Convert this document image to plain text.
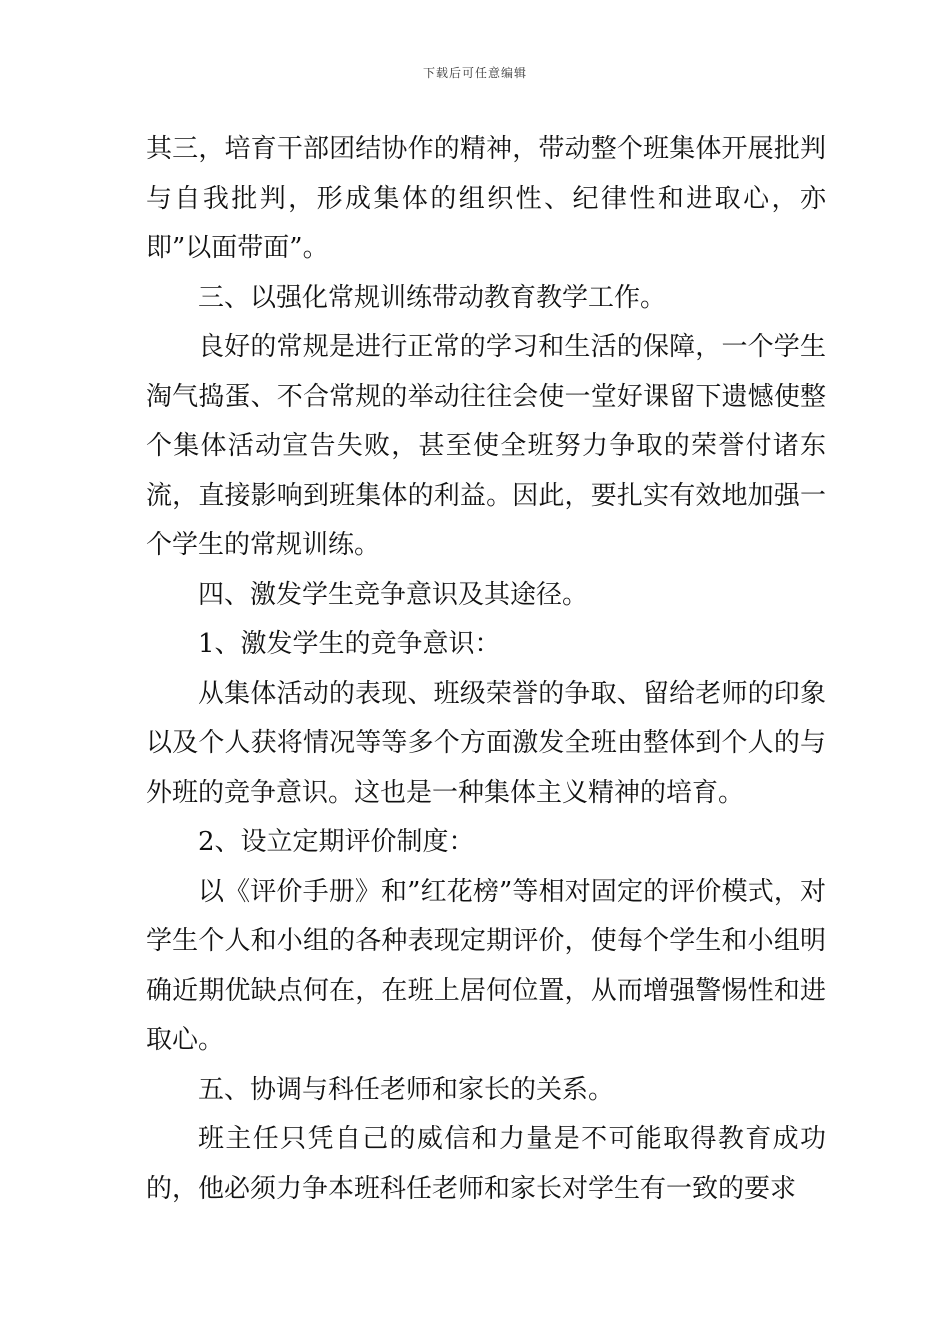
下载后可任意编辑

其三，培育干部团结协作的精神，带动整个班集体开展批判与自我批判，形成集体的组织性、纪律性和进取心，亦即”以面带面”。

三、以强化常规训练带动教育教学工作。

良好的常规是进行正常的学习和生活的保障，一个学生淘气捣蛋、不合常规的举动往往会使一堂好课留下遗憾使整个集体活动宣告失败，甚至使全班努力争取的荣誉付诸东流，直接影响到班集体的利益。因此，要扎实有效地加强一个学生的常规训练。

四、激发学生竞争意识及其途径。

1、激发学生的竞争意识：

从集体活动的表现、班级荣誉的争取、留给老师的印象以及个人获将情况等等多个方面激发全班由整体到个人的与外班的竞争意识。这也是一种集体主义精神的培育。

2、设立定期评价制度：

以《评价手册》和”红花榜”等相对固定的评价模式，对学生个人和小组的各种表现定期评价，使每个学生和小组明确近期优缺点何在，在班上居何位置，从而增强警惕性和进取心。

五、协调与科任老师和家长的关系。

班主任只凭自己的威信和力量是不可能取得教育成功的，他必须力争本班科任老师和家长对学生有一致的要求
